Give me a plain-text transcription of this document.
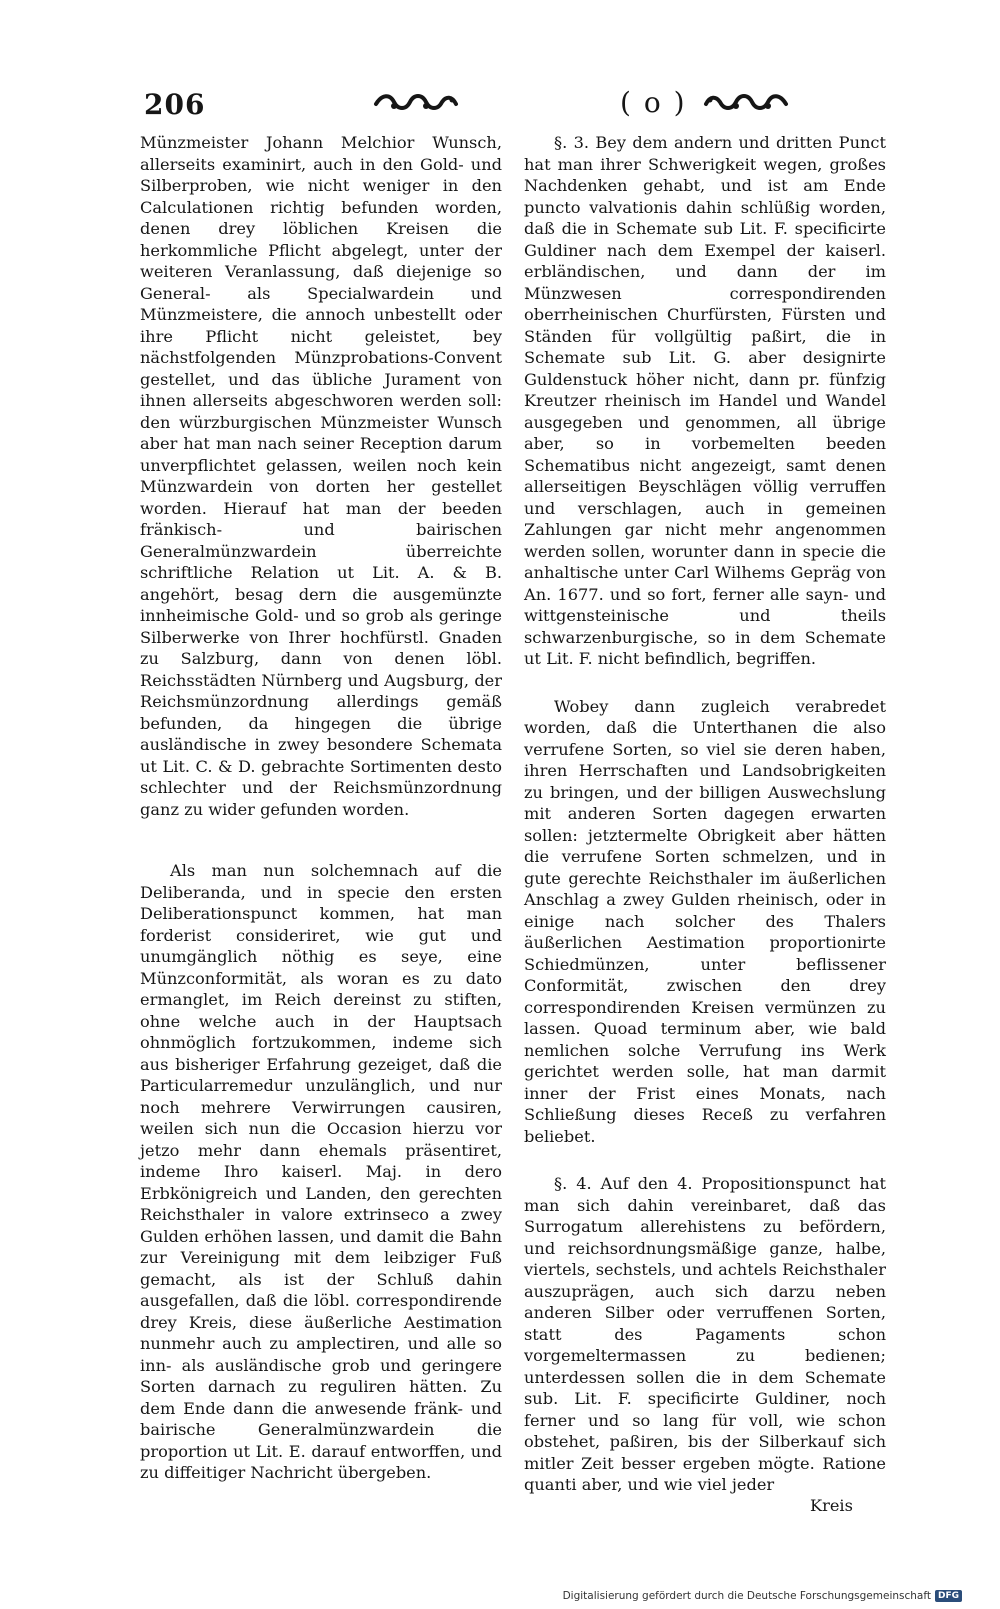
206	( o )

Münzmeister Johann Melchior Wunsch, allerseits examinirt, auch in den Gold- und Silberproben, wie nicht weniger in den Calculationen richtig befunden worden, denen drey löblichen Kreisen die herkommliche Pflicht abgelegt, unter der weiteren Veranlassung, daß diejenige so General- als Specialwardein und Münzmeistere, die annoch unbestellt oder ihre Pflicht nicht geleistet, bey nächstfolgenden Münzprobations-Convent gestellet, und das übliche Jurament von ihnen allerseits abgeschworen werden soll: den würzburgischen Münzmeister Wunsch aber hat man nach seiner Reception darum unverpflichtet gelassen, weilen noch kein Münzwardein von dorten her gestellet worden. Hierauf hat man der beeden fränkisch- und bairischen Generalmünzwardein überreichte schriftliche Relation ut Lit. A. & B. angehört, besag dern die ausgemünzte innheimische Gold- und so grob als geringe Silberwerke von Ihrer hochfürstl. Gnaden zu Salzburg, dann von denen löbl. Reichsstädten Nürnberg und Augsburg, der Reichsmünzordnung allerdings gemäß befunden, da hingegen die übrige ausländische in zwey besondere Schemata ut Lit. C. & D. gebrachte Sortimenten desto schlechter und der Reichsmünzordnung ganz zu wider gefunden worden.

Als man nun solchemnach auf die Deliberanda, und in specie den ersten Deliberationspunct kommen, hat man forderist consideriret, wie gut und unumgänglich nöthig es seye, eine Münzconformität, als woran es zu dato ermanglet, im Reich dereinst zu stiften, ohne welche auch in der Hauptsach ohnmöglich fortzukommen, indeme sich aus bisheriger Erfahrung gezeiget, daß die Particularremedur unzulänglich, und nur noch mehrere Verwirrungen causiren, weilen sich nun die Occasion hierzu vor jetzo mehr dann ehemals präsentiret, indeme Ihro kaiserl. Maj. in dero Erbkönigreich und Landen, den gerechten Reichsthaler in valore extrinseco a zwey Gulden erhöhen lassen, und damit die Bahn zur Vereinigung mit dem leibziger Fuß gemacht, als ist der Schluß dahin ausgefallen, daß die löbl. correspondirende drey Kreis, diese äußerliche Aestimation nunmehr auch zu amplectiren, und alle so inn- als ausländische grob und geringere Sorten darnach zu reguliren hätten. Zu dem Ende dann die anwesende fränk- und bairische Generalmünzwardein die proportion ut Lit. E. darauf entworffen, und zu diffeitiger Nachricht übergeben.

§. 3. Bey dem andern und dritten Punct hat man ihrer Schwerigkeit wegen, großes Nachdenken gehabt, und ist am Ende puncto valvationis dahin schlüßig worden, daß die in Schemate sub Lit. F. specificirte Guldiner nach dem Exempel der kaiserl. erbländischen, und dann der im Münzwesen correspondirenden oberrheinischen Churfürsten, Fürsten und Ständen für vollgültig paßirt, die in Schemate sub Lit. G. aber designirte Guldenstuck höher nicht, dann pr. fünfzig Kreutzer rheinisch im Handel und Wandel ausgegeben und genommen, all übrige aber, so in vorbemelten beeden Schematibus nicht angezeigt, samt denen allerseitigen Beyschlägen völlig verruffen und verschlagen, auch in gemeinen Zahlungen gar nicht mehr angenommen werden sollen, worunter dann in specie die anhaltische unter Carl Wilhems Gepräg von An. 1677. und so fort, ferner alle sayn- und wittgensteinische und theils schwarzenburgische, so in dem Schemate ut Lit. F. nicht befindlich, begriffen.

Wobey dann zugleich verabredet worden, daß die Unterthanen die also verrufene Sorten, so viel sie deren haben, ihren Herrschaften und Landsobrigkeiten zu bringen, und der billigen Auswechslung mit anderen Sorten dagegen erwarten sollen: jetztermelte Obrigkeit aber hätten die verrufene Sorten schmelzen, und in gute gerechte Reichsthaler im äußerlichen Anschlag a zwey Gulden rheinisch, oder in einige nach solcher des Thalers äußerlichen Aestimation proportionirte Schiedmünzen, unter beflissener Conformität, zwischen den drey correspondirenden Kreisen vermünzen zu lassen. Quoad terminum aber, wie bald nemlichen solche Verrufung ins Werk gerichtet werden solle, hat man darmit inner der Frist eines Monats, nach Schließung dieses Receß zu verfahren beliebet.

§. 4. Auf den 4. Propositionspunct hat man sich dahin vereinbaret, daß das Surrogatum allerehistens zu befördern, und reichsordnungsmäßige ganze, halbe, viertels, sechstels, und achtels Reichsthaler auszuprägen, auch sich darzu neben anderen Silber oder verruffenen Sorten, statt des Pagaments schon vorgemeltermassen zu bedienen; unterdessen sollen die in dem Schemate sub. Lit. F. specificirte Guldiner, noch ferner und so lang für voll, wie schon obstehet, paßiren, bis der Silberkauf sich mitler Zeit besser ergeben mögte. Ratione quanti aber, und wie viel jeder

Kreis
Digitalisierung gefördert durch die Deutsche Forschungsgemeinschaft DFG
